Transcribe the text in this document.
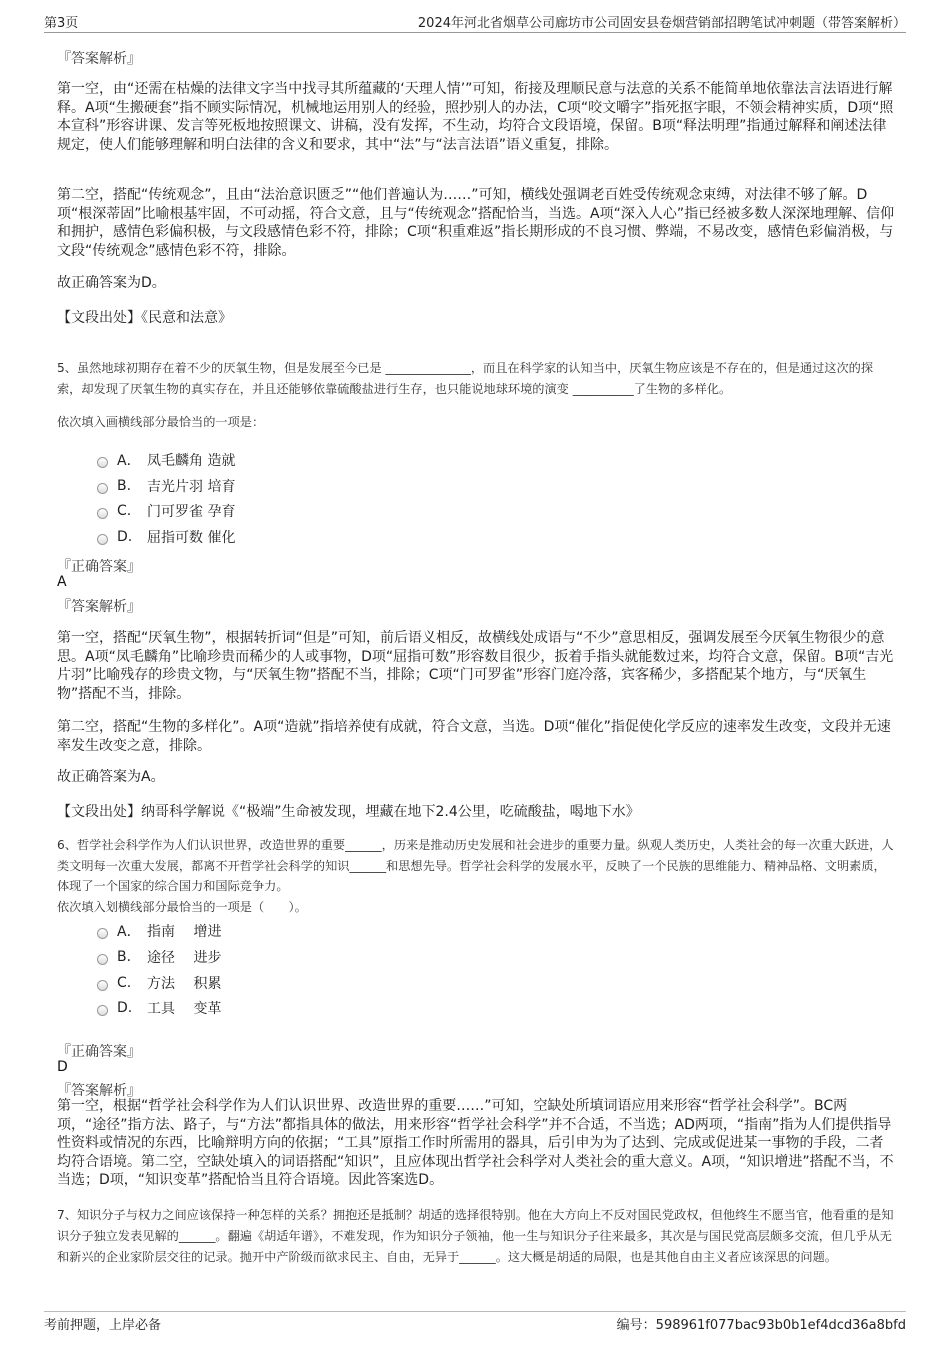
第3页	2024年河北省烟草公司廊坊市公司固安县卷烟营销部招聘笔试冲刺题（带答案解析）
『答案解析』

第一空，由“还需在枯燥的法律文字当中找寻其所蕴藏的‘天理人情’”可知，衔接及理顺民意与法意的关系不能简单地依靠法言法语进行解释。A项“生搬硬套”指不顾实际情况，机械地运用别人的经验，照抄别人的办法，C项“咬文嚼字”指死抠字眼，不领会精神实质，D项“照本宣科”形容讲课、发言等死板地按照课文、讲稿，没有发挥，不生动，均符合文段语境，保留。B项“释法明理”指通过解释和阐述法律规定，使人们能够理解和明白法律的含义和要求，其中“法”与“法言法语”语义重复，排除。

第二空，搭配“传统观念”，且由“法治意识匮乏”“他们普遍认为……”可知，横线处强调老百姓受传统观念束缚，对法律不够了解。D项“根深蒂固”比喻根基牢固，不可动摇，符合文意，且与“传统观念”搭配恰当，当选。A项“深入人心”指已经被多数人深深地理解、信仰和拥护，感情色彩偏积极，与文段感情色彩不符，排除；C项“积重难返”指长期形成的不良习惯、弊端，不易改变，感情色彩偏消极，与文段“传统观念”感情色彩不符，排除。

故正确答案为D。
【文段出处】《民意和法意》

5、虽然地球初期存在着不少的厌氧生物，但是发展至今已是 ______________，而且在科学家的认知当中，厌氧生物应该是不存在的，但是通过这次的探索，却发现了厌氧生物的真实存在，并且还能够依靠硫酸盐进行生存，也只能说地球环境的演变 __________了生物的多样化。

依次填入画横线部分最恰当的一项是：
A． 凤毛麟角 造就
B.	吉光片羽 培育
C.	门可罗雀 孕育
D.	屈指可数 催化
『正确答案』
A
『答案解析』

第一空，搭配“厌氧生物”，根据转折词“但是”可知，前后语义相反，故横线处成语与“不少”意思相反，强调发展至今厌氧生物很少的意思。A项“凤毛麟角”比喻珍贵而稀少的人或事物，D项“屈指可数”形容数目很少，扳着手指头就能数过来，均符合文意，保留。B项“吉光片羽”比喻残存的珍贵文物，与“厌氧生物”搭配不当，排除；C项“门可罗雀”形容门庭冷落，宾客稀少，多搭配某个地方，与“厌氧生物”搭配不当，排除。

第二空，搭配“生物的多样化”。A项“造就”指培养使有成就，符合文意，当选。D项“催化”指促使化学反应的速率发生改变，文段并无速率发生改变之意，排除。

故正确答案为A。
【文段出处】纳哥科学解说《“极端”生命被发现，埋藏在地下2.4公里，吃硫酸盐，喝地下水》

6、哲学社会科学作为人们认识世界，改造世界的重要______，历来是推动历史发展和社会进步的重要力量。纵观人类历史，人类社会的每一次重大跃进，人类文明每一次重大发展，都离不开哲学社会科学的知识______和思想先导。哲学社会科学的发展水平，反映了一个民族的思维能力、精神品格、文明素质，体现了一个国家的综合国力和国际竞争力。

依次填入划横线部分最恰当的一项是（　　）。
A． 指南　 增进
B.	途径　 进步
C.	方法　 积累
D.	工具　 变革
『正确答案』
D
『答案解析』

第一空，根据“哲学社会科学作为人们认识世界、改造世界的重要……”可知，空缺处所填词语应用来形容“哲学社会科学”。BC两项，“途径”指方法、路子，与“方法”都指具体的做法，用来形容“哲学社会科学”并不合适，不当选；AD两项，“指南”指为人们提供指导性资料或情况的东西，比喻辩明方向的依据；“工具”原指工作时所需用的器具，后引申为为了达到、完成或促进某一事物的手段，二者均符合语境。第二空，空缺处填入的词语搭配“知识”，且应体现出哲学社会科学对人类社会的重大意义。A项，“知识增进”搭配不当，不当选；D项，“知识变革”搭配恰当且符合语境。因此答案选D。

7、知识分子与权力之间应该保持一种怎样的关系？拥抱还是抵制？胡适的选择很特别。他在大方向上不反对国民党政权，但他终生不愿当官，他看重的是知识分子独立发表见解的______。翻遍《胡适年谱》，不难发现，作为知识分子领袖，他一生与知识分子往来最多，其次是与国民党高层颇多交流，但几乎从无和新兴的企业家阶层交往的记录。抛开中产阶级而欲求民主、自由，无异于______。这大概是胡适的局限，也是其他自由主义者应该深思的问题。

考前押题，上岸必备	编号：598961f077bac93b0b1ef4dcd36a8bfd
